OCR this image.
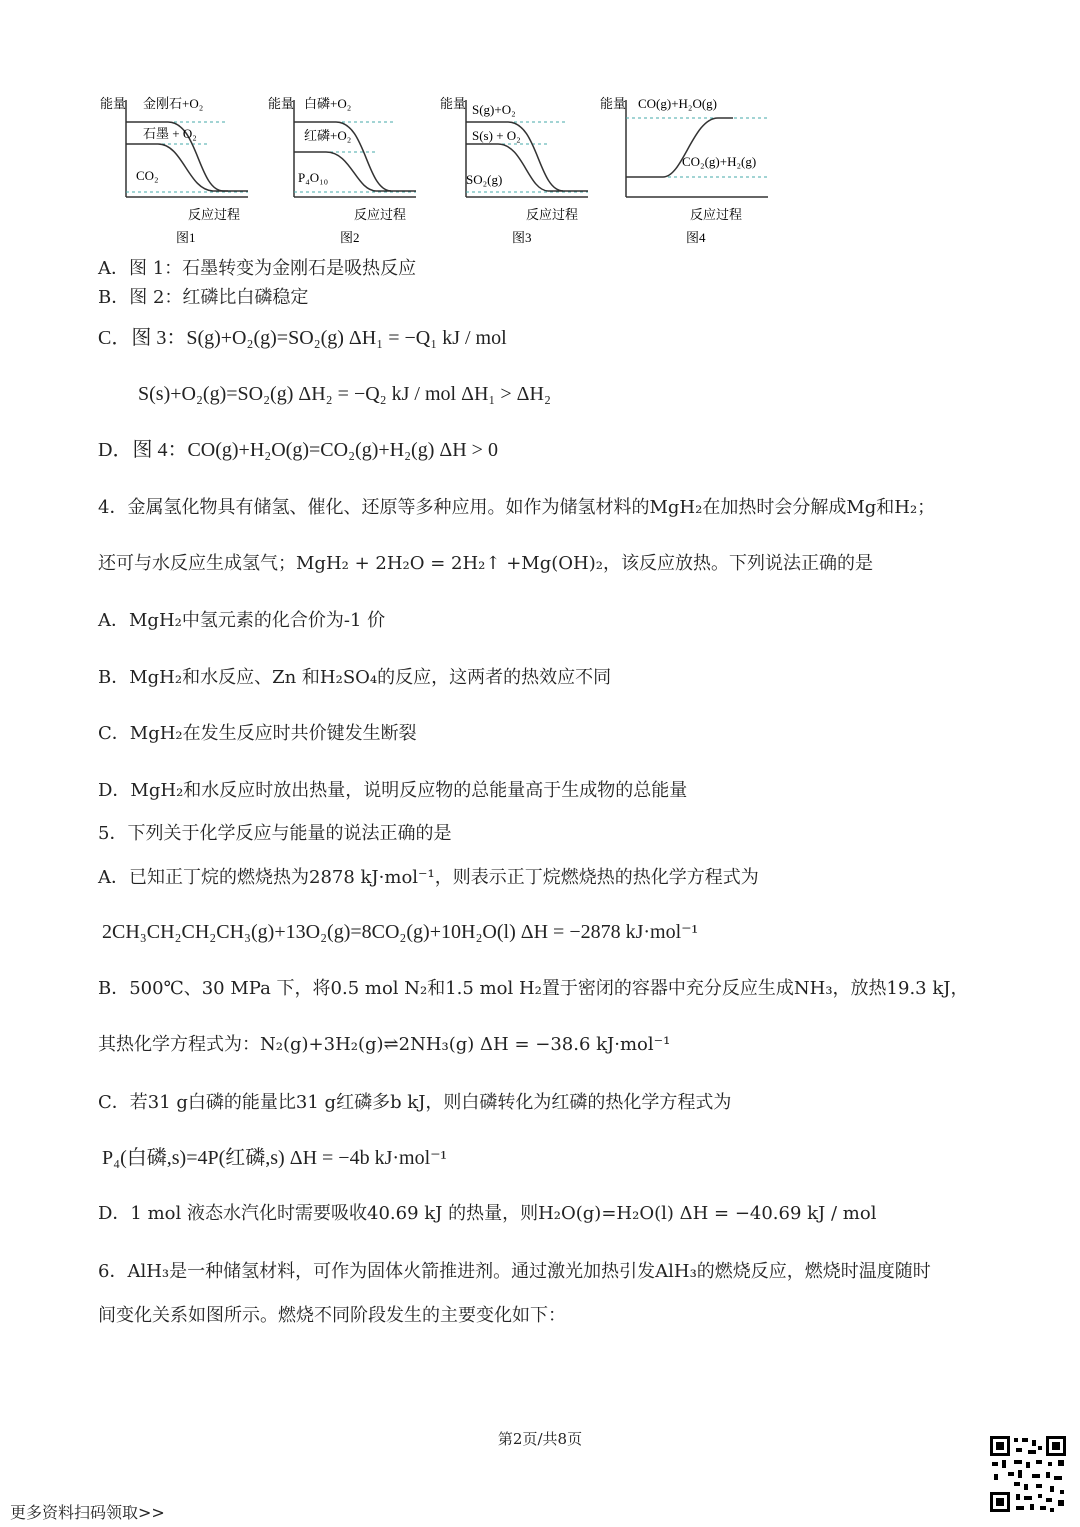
能量 金刚石+O₂
石墨 + O₂
CO₂
反应过程
图1
能量 白磷+O₂
红磷+O₂
P₄O₁₀
反应过程
图2
能量 S(g)+O₂
S(s) + O₂
SO₂(g)
反应过程
图3
能量 CO(g)+H₂O(g)
CO₂(g)+H₂(g)
反应过程
图4
A．图 1：石墨转变为金刚石是吸热反应
B．图 2：红磷比白磷稳定
C．图 3：S(g)+O₂(g)=SO₂(g) ΔH₁ = −Q₁ kJ / mol
S(s)+O₂(g)=SO₂(g) ΔH₂ = −Q₂ kJ / mol ΔH₁ > ΔH₂
D．图 4：CO(g)+H₂O(g)=CO₂(g)+H₂(g) ΔH > 0
4．金属氢化物具有储氢、催化、还原等多种应用。如作为储氢材料的MgH₂在加热时会分解成Mg和H₂；
还可与水反应生成氢气；MgH₂ + 2H₂O = 2H₂↑ +Mg(OH)₂，该反应放热。下列说法正确的是
A．MgH₂中氢元素的化合价为-1 价
B．MgH₂和水反应、Zn 和H₂SO₄的反应，这两者的热效应不同
C．MgH₂在发生反应时共价键发生断裂
D．MgH₂和水反应时放出热量，说明反应物的总能量高于生成物的总能量
5．下列关于化学反应与能量的说法正确的是
A．已知正丁烷的燃烧热为2878 kJ·mol⁻¹，则表示正丁烷燃烧热的热化学方程式为
2CH₃CH₂CH₂CH₃(g)+13O₂(g)=8CO₂(g)+10H₂O(l) ΔH = −2878 kJ·mol⁻¹
B．500℃、30 MPa 下，将0.5 mol N₂和1.5 mol H₂置于密闭的容器中充分反应生成NH₃，放热19.3 kJ，
其热化学方程式为：N₂(g)+3H₂(g)⇌2NH₃(g) ΔH = −38.6 kJ·mol⁻¹
C．若31 g白磷的能量比31 g红磷多b kJ，则白磷转化为红磷的热化学方程式为
P₄(白磷,s)=4P(红磷,s) ΔH = −4b kJ·mol⁻¹
D．1 mol 液态水汽化时需要吸收40.69 kJ 的热量，则H₂O(g)=H₂O(l) ΔH = −40.69 kJ / mol
6．AlH₃是一种储氢材料，可作为固体火箭推进剂。通过激光加热引发AlH₃的燃烧反应，燃烧时温度随时
间变化关系如图所示。燃烧不同阶段发生的主要变化如下：
第2页/共8页
更多资料扫码领取>>
